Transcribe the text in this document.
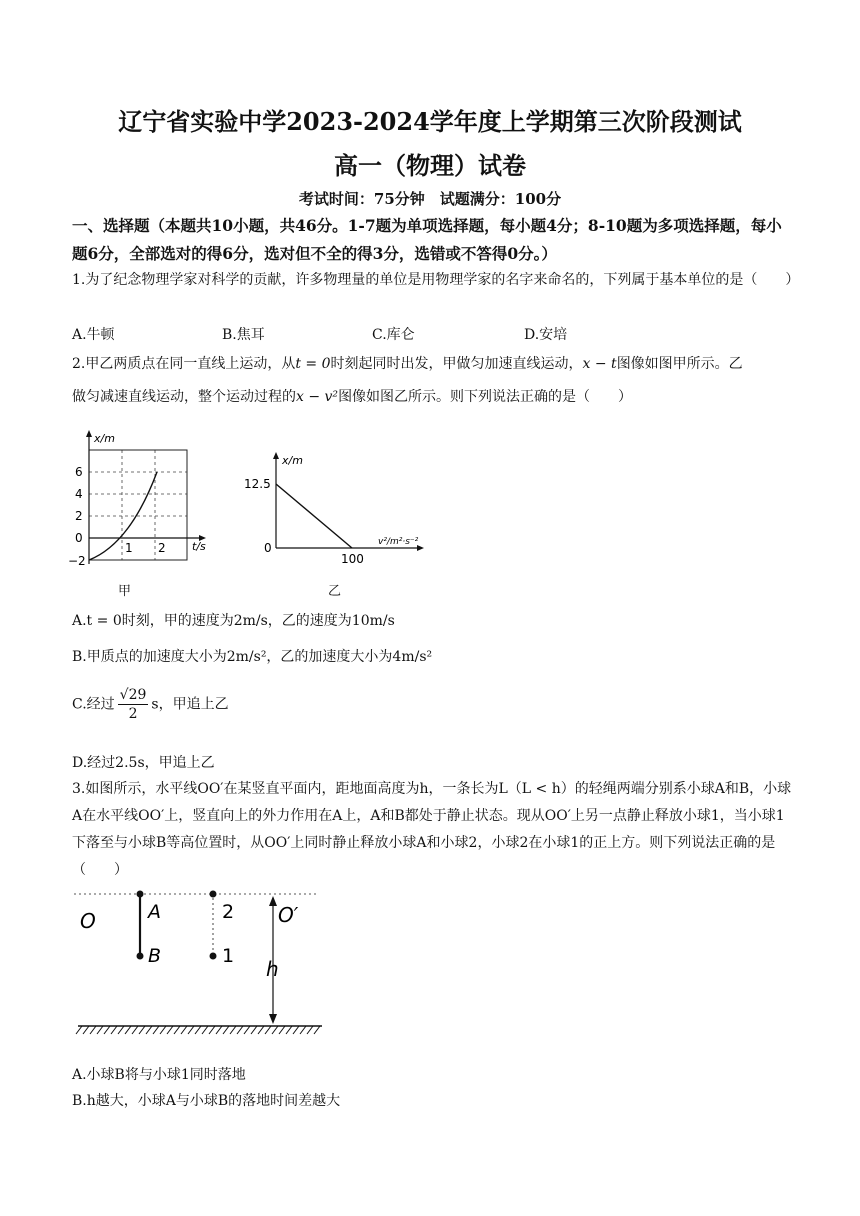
辽宁省实验中学2023-2024学年度上学期第三次阶段测试
高一（物理）试卷
考试时间：75分钟　试题满分：100分
一、选择题（本题共10小题，共46分。1-7题为单项选择题，每小题4分；8-10题为多项选择题，每小题6分，全部选对的得6分，选对但不全的得3分，选错或不答得0分。）
1.为了纪念物理学家对科学的贡献，许多物理量的单位是用物理学家的名字来命名的，下列属于基本单位的是（　　）
A.牛顿	B.焦耳	C.库仑	D.安培
2.甲乙两质点在同一直线上运动，从t = 0时刻起同时出发，甲做匀加速直线运动，x − t图像如图甲所示。乙
做匀减速直线运动，整个运动过程的x − v²图像如图乙所示。则下列说法正确的是（　　）
x/m
t/s
6
4
2
0
−2
1 2
甲
x/m
v²/m²·s⁻²
12.5
0
100
乙
A.t = 0时刻，甲的速度为2m/s，乙的速度为10m/s
B.甲质点的加速度大小为2m/s²，乙的加速度大小为4m/s²
C.经过 $\frac{√29}{2}$ s，甲追上乙
D.经过2.5s，甲追上乙
3.如图所示，水平线OO′在某竖直平面内，距地面高度为h，一条长为L（L < h）的轻绳两端分别系小球A和B，小球A在水平线OO′上，竖直向上的外力作用在A上，A和B都处于静止状态。现从OO′上另一点静止释放小球1，当小球1下落至与小球B等高位置时，从OO′上同时静止释放小球A和小球2，小球2在小球1的正上方。则下列说法正确的是（　　）
O	A
B
2
1
O′
h
A.小球B将与小球1同时落地
B.h越大，小球A与小球B的落地时间差越大
